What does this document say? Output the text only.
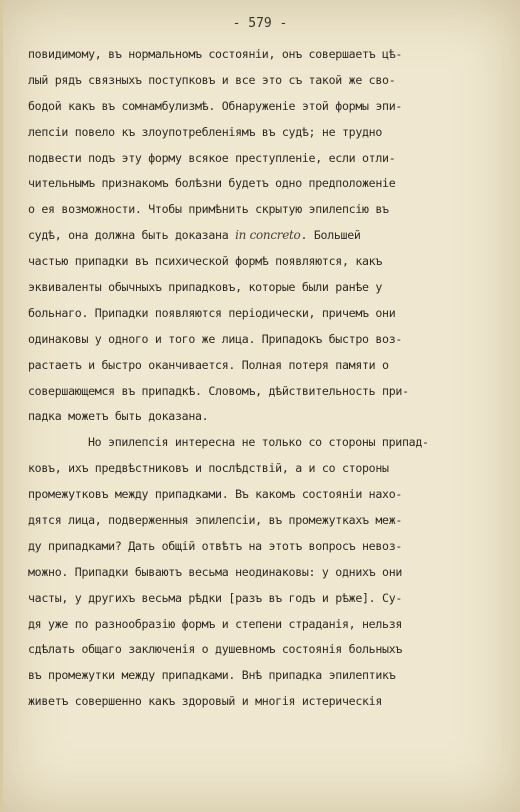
- 579 -
повидимому, въ нормальномъ состоянiи, онъ совершаетъ цѣ-
лый рядъ связныхъ поступковъ и все это съ такой же сво-
бодой какъ въ сомнамбулизмѣ. Обнаруженiе этой формы эпи-
лепсiи повело къ злоупотребленiямъ въ судѣ; не трудно
подвести подъ эту форму всякое преступленiе, если отли-
чительнымъ признакомъ болѣзни будетъ одно предположенiе
о ея возможности. Чтобы примѣнить скрытую эпилепсiю въ
судѣ, она должна быть доказана in concreto. Большей
частью припадки въ психической формѣ появляются, какъ
эквиваленты обычныхъ припадковъ, которые были ранѣе у
больнаго. Припадки появляются перiодически, причемъ они
одинаковы у одного и того же лица. Припадокъ быстро воз-
растаетъ и быстро оканчивается. Полная потеря памяти о
совершающемся въ припадкѣ. Словомъ, дѣйствительность при-
падка можетъ быть доказана.
Но эпилепсiя интересна не только со стороны припад-
ковъ, ихъ предвѣстниковъ и послѣдствiй, а и со стороны
промежутковъ между припадками. Въ какомъ состоянiи нахо-
дятся лица, подверженныя эпилепсiи, въ промежуткахъ меж-
ду припадками? Дать общiй отвѣтъ на этотъ вопросъ невоз-
можно. Припадки бываютъ весьма неодинаковы: у однихъ они
часты, у другихъ весьма рѣдки [разъ въ годъ и рѣже]. Су-
дя уже по разнообразiю формъ и степени страданiя, нельзя
сдѣлать общаго заключенiя о душевномъ состоянiя больныхъ
въ промежутки между припадками. Внѣ припадка эпилептикъ
живетъ совершенно какъ здоровый и многiя истерическiя
